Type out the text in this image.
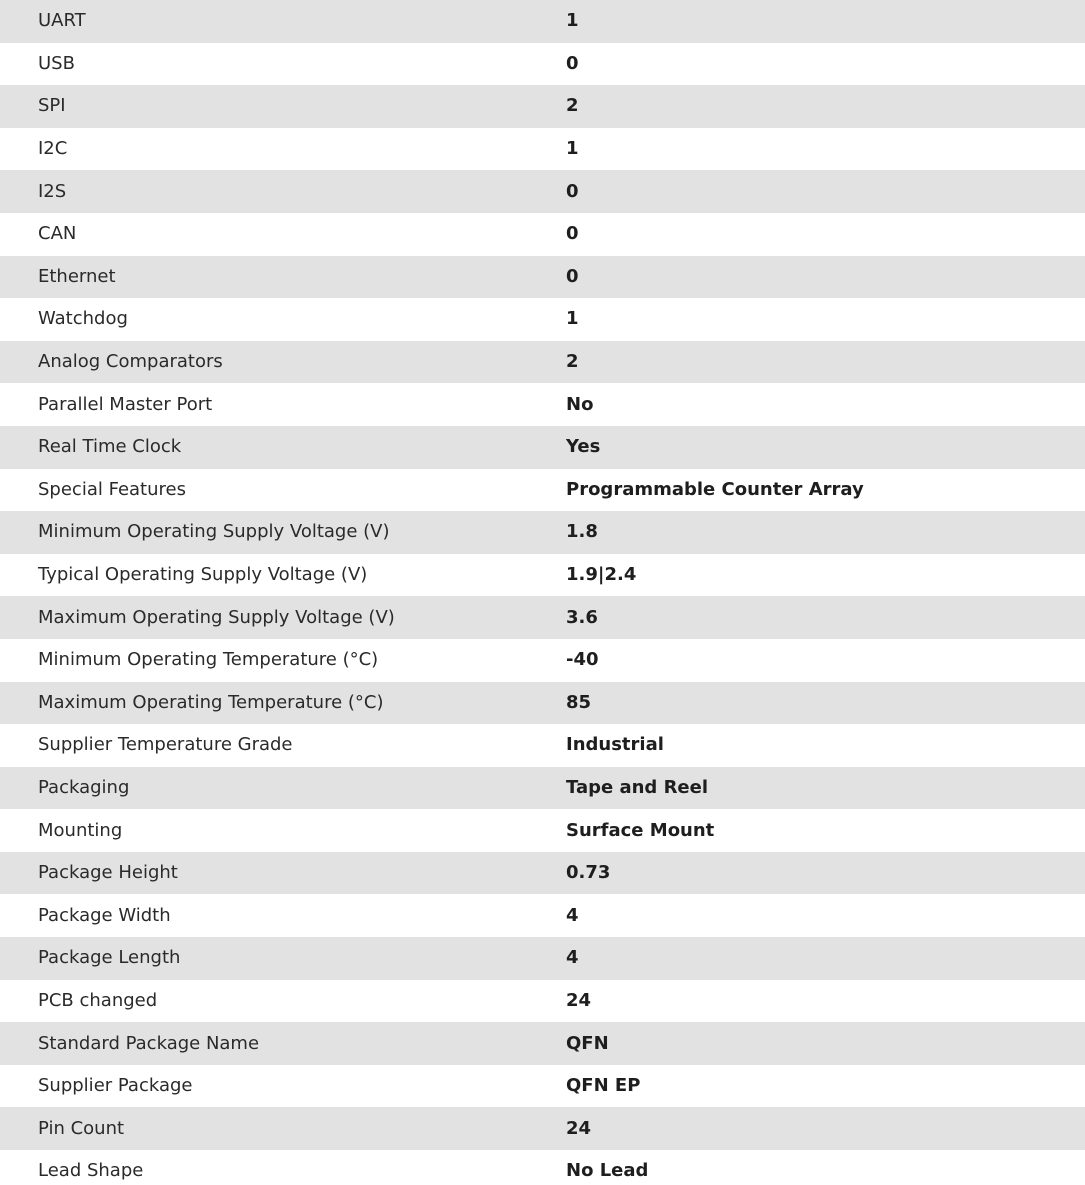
UART	1
USB	0
SPI	2
I2C	1
I2S	0
CAN	0
Ethernet	0
Watchdog	1
Analog Comparators	2
Parallel Master Port	No
Real Time Clock	Yes
Special Features	Programmable Counter Array
Minimum Operating Supply Voltage (V)	1.8
Typical Operating Supply Voltage (V)	1.9|2.4
Maximum Operating Supply Voltage (V)	3.6
Minimum Operating Temperature (°C)	-40
Maximum Operating Temperature (°C)	85
Supplier Temperature Grade	Industrial
Packaging	Tape and Reel
Mounting	Surface Mount
Package Height	0.73
Package Width	4
Package Length	4
PCB changed	24
Standard Package Name	QFN
Supplier Package	QFN EP
Pin Count	24
Lead Shape	No Lead
